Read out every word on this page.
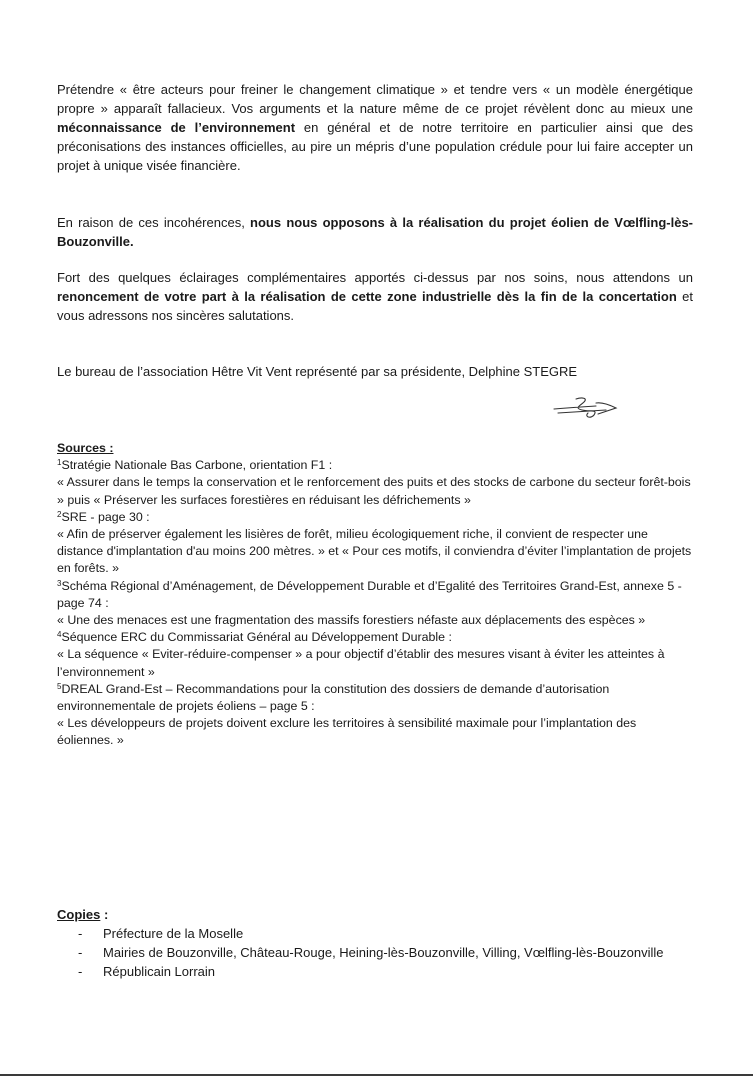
Prétendre « être acteurs pour freiner le changement climatique » et tendre vers « un modèle énergétique propre » apparaît fallacieux. Vos arguments et la nature même de ce projet révèlent donc au mieux une méconnaissance de l’environnement en général et de notre territoire en particulier ainsi que des préconisations des instances officielles, au pire un mépris d’une population crédule pour lui faire accepter un projet à unique visée financière.

En raison de ces incohérences, nous nous opposons à la réalisation du projet éolien de Vœlfling-lès-Bouzonville.

Fort des quelques éclairages complémentaires apportés ci-dessus par nos soins, nous attendons un renoncement de votre part à la réalisation de cette zone industrielle dès la fin de la concertation et vous adressons nos sincères salutations.

Le bureau de l’association Hêtre Vit Vent représenté par sa présidente, Delphine STEGRE

Sources :

$^1$Stratégie Nationale Bas Carbone, orientation F1 :

« Assurer dans le temps la conservation et le renforcement des puits et des stocks de carbone du secteur forêt-bois » puis « Préserver les surfaces forestières en réduisant les défrichements »

$^2$SRE - page 30 :

« Afin de préserver également les lisières de forêt, milieu écologiquement riche, il convient de respecter une distance d'implantation d'au moins 200 mètres. » et « Pour ces motifs, il conviendra d’éviter l’implantation de projets en forêts. »

$^3$Schéma Régional d’Aménagement, de Développement Durable et d’Egalité des Territoires Grand-Est, annexe 5 - page 74 :

« Une des menaces est une fragmentation des massifs forestiers néfaste aux déplacements des espèces »

$^4$Séquence ERC du Commissariat Général au Développement Durable :

« La séquence « Eviter-réduire-compenser » a pour objectif d’établir des mesures visant à éviter les atteintes à l’environnement »

$^5$DREAL Grand-Est – Recommandations pour la constitution des dossiers de demande d’autorisation environnementale de projets éoliens – page 5 :

« Les développeurs de projets doivent exclure les territoires à sensibilité maximale pour l’implantation des éoliennes. »

Copies :
- Préfecture de la Moselle
- Mairies de Bouzonville, Château-Rouge, Heining-lès-Bouzonville, Villing, Vœlfling-lès-Bouzonville
- Républicain Lorrain
